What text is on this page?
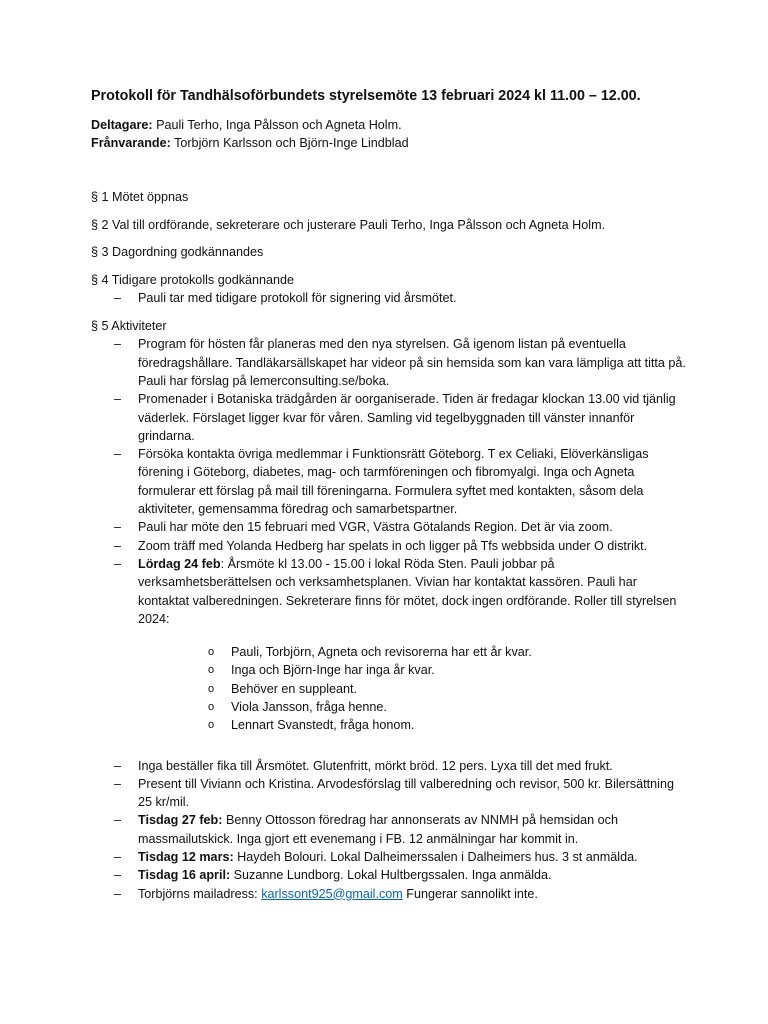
Protokoll för Tandhälsoförbundets styrelsemöte 13 februari 2024 kl 11.00 – 12.00.
Deltagare: Pauli Terho, Inga Pålsson och Agneta Holm.
Frånvarande: Torbjörn Karlsson och Björn-Inge Lindblad
§ 1 Mötet öppnas
§ 2 Val till ordförande, sekreterare och justerare Pauli Terho, Inga Pålsson och Agneta Holm.
§ 3 Dagordning godkännandes
§ 4 Tidigare protokolls godkännande
– Pauli tar med tidigare protokoll för signering vid årsmötet.
§ 5 Aktiviteter
– Program för hösten får planeras med den nya styrelsen. Gå igenom listan på eventuella föredragshållare. Tandläkarsällskapet har videor på sin hemsida som kan vara lämpliga att titta på. Pauli har förslag på lemerconsulting.se/boka.
– Promenader i Botaniska trädgården är oorganiserade. Tiden är fredagar klockan 13.00 vid tjänlig väderlek. Förslaget ligger kvar för våren. Samling vid tegelbyggnaden till vänster innanför grindarna.
– Försöka kontakta övriga medlemmar i Funktionsrätt Göteborg. T ex Celiaki, Elöverkänsligas förening i Göteborg, diabetes, mag- och tarmföreningen och fibromyalgi. Inga och Agneta formulerar ett förslag på mail till föreningarna. Formulera syftet med kontakten, såsom dela aktiviteter, gemensamma föredrag och samarbetspartner.
– Pauli har möte den 15 februari med VGR, Västra Götalands Region. Det är via zoom.
– Zoom träff med Yolanda Hedberg har spelats in och ligger på Tfs webbsida under O distrikt.
– Lördag 24 feb: Årsmöte kl 13.00 - 15.00 i lokal Röda Sten. Pauli jobbar på verksamhetsberättelsen och verksamhetsplanen. Vivian har kontaktat kassören. Pauli har kontaktat valberedningen. Sekreterare finns för mötet, dock ingen ordförande. Roller till styrelsen 2024:
o Pauli, Torbjörn, Agneta och revisorerna har ett år kvar.
o Inga och Björn-Inge har inga år kvar.
o Behöver en suppleant.
o Viola Jansson, fråga henne.
o Lennart Svanstedt, fråga honom.
– Inga beställer fika till Årsmötet. Glutenfritt, mörkt bröd. 12 pers. Lyxa till det med frukt.
– Present till Viviann och Kristina. Arvodesförslag till valberedning och revisor, 500 kr. Bilersättning 25 kr/mil.
– Tisdag 27 feb: Benny Ottosson föredrag har annonserats av NNMH på hemsidan och massmailutskick. Inga gjort ett evenemang i FB. 12 anmälningar har kommit in.
– Tisdag 12 mars: Haydeh Bolouri. Lokal Dalheimerssalen i Dalheimers hus. 3 st anmälda.
– Tisdag 16 april: Suzanne Lundborg. Lokal Hultbergssalen. Inga anmälda.
– Torbjörns mailadress: karlssont925@gmail.com Fungerar sannolikt inte.
